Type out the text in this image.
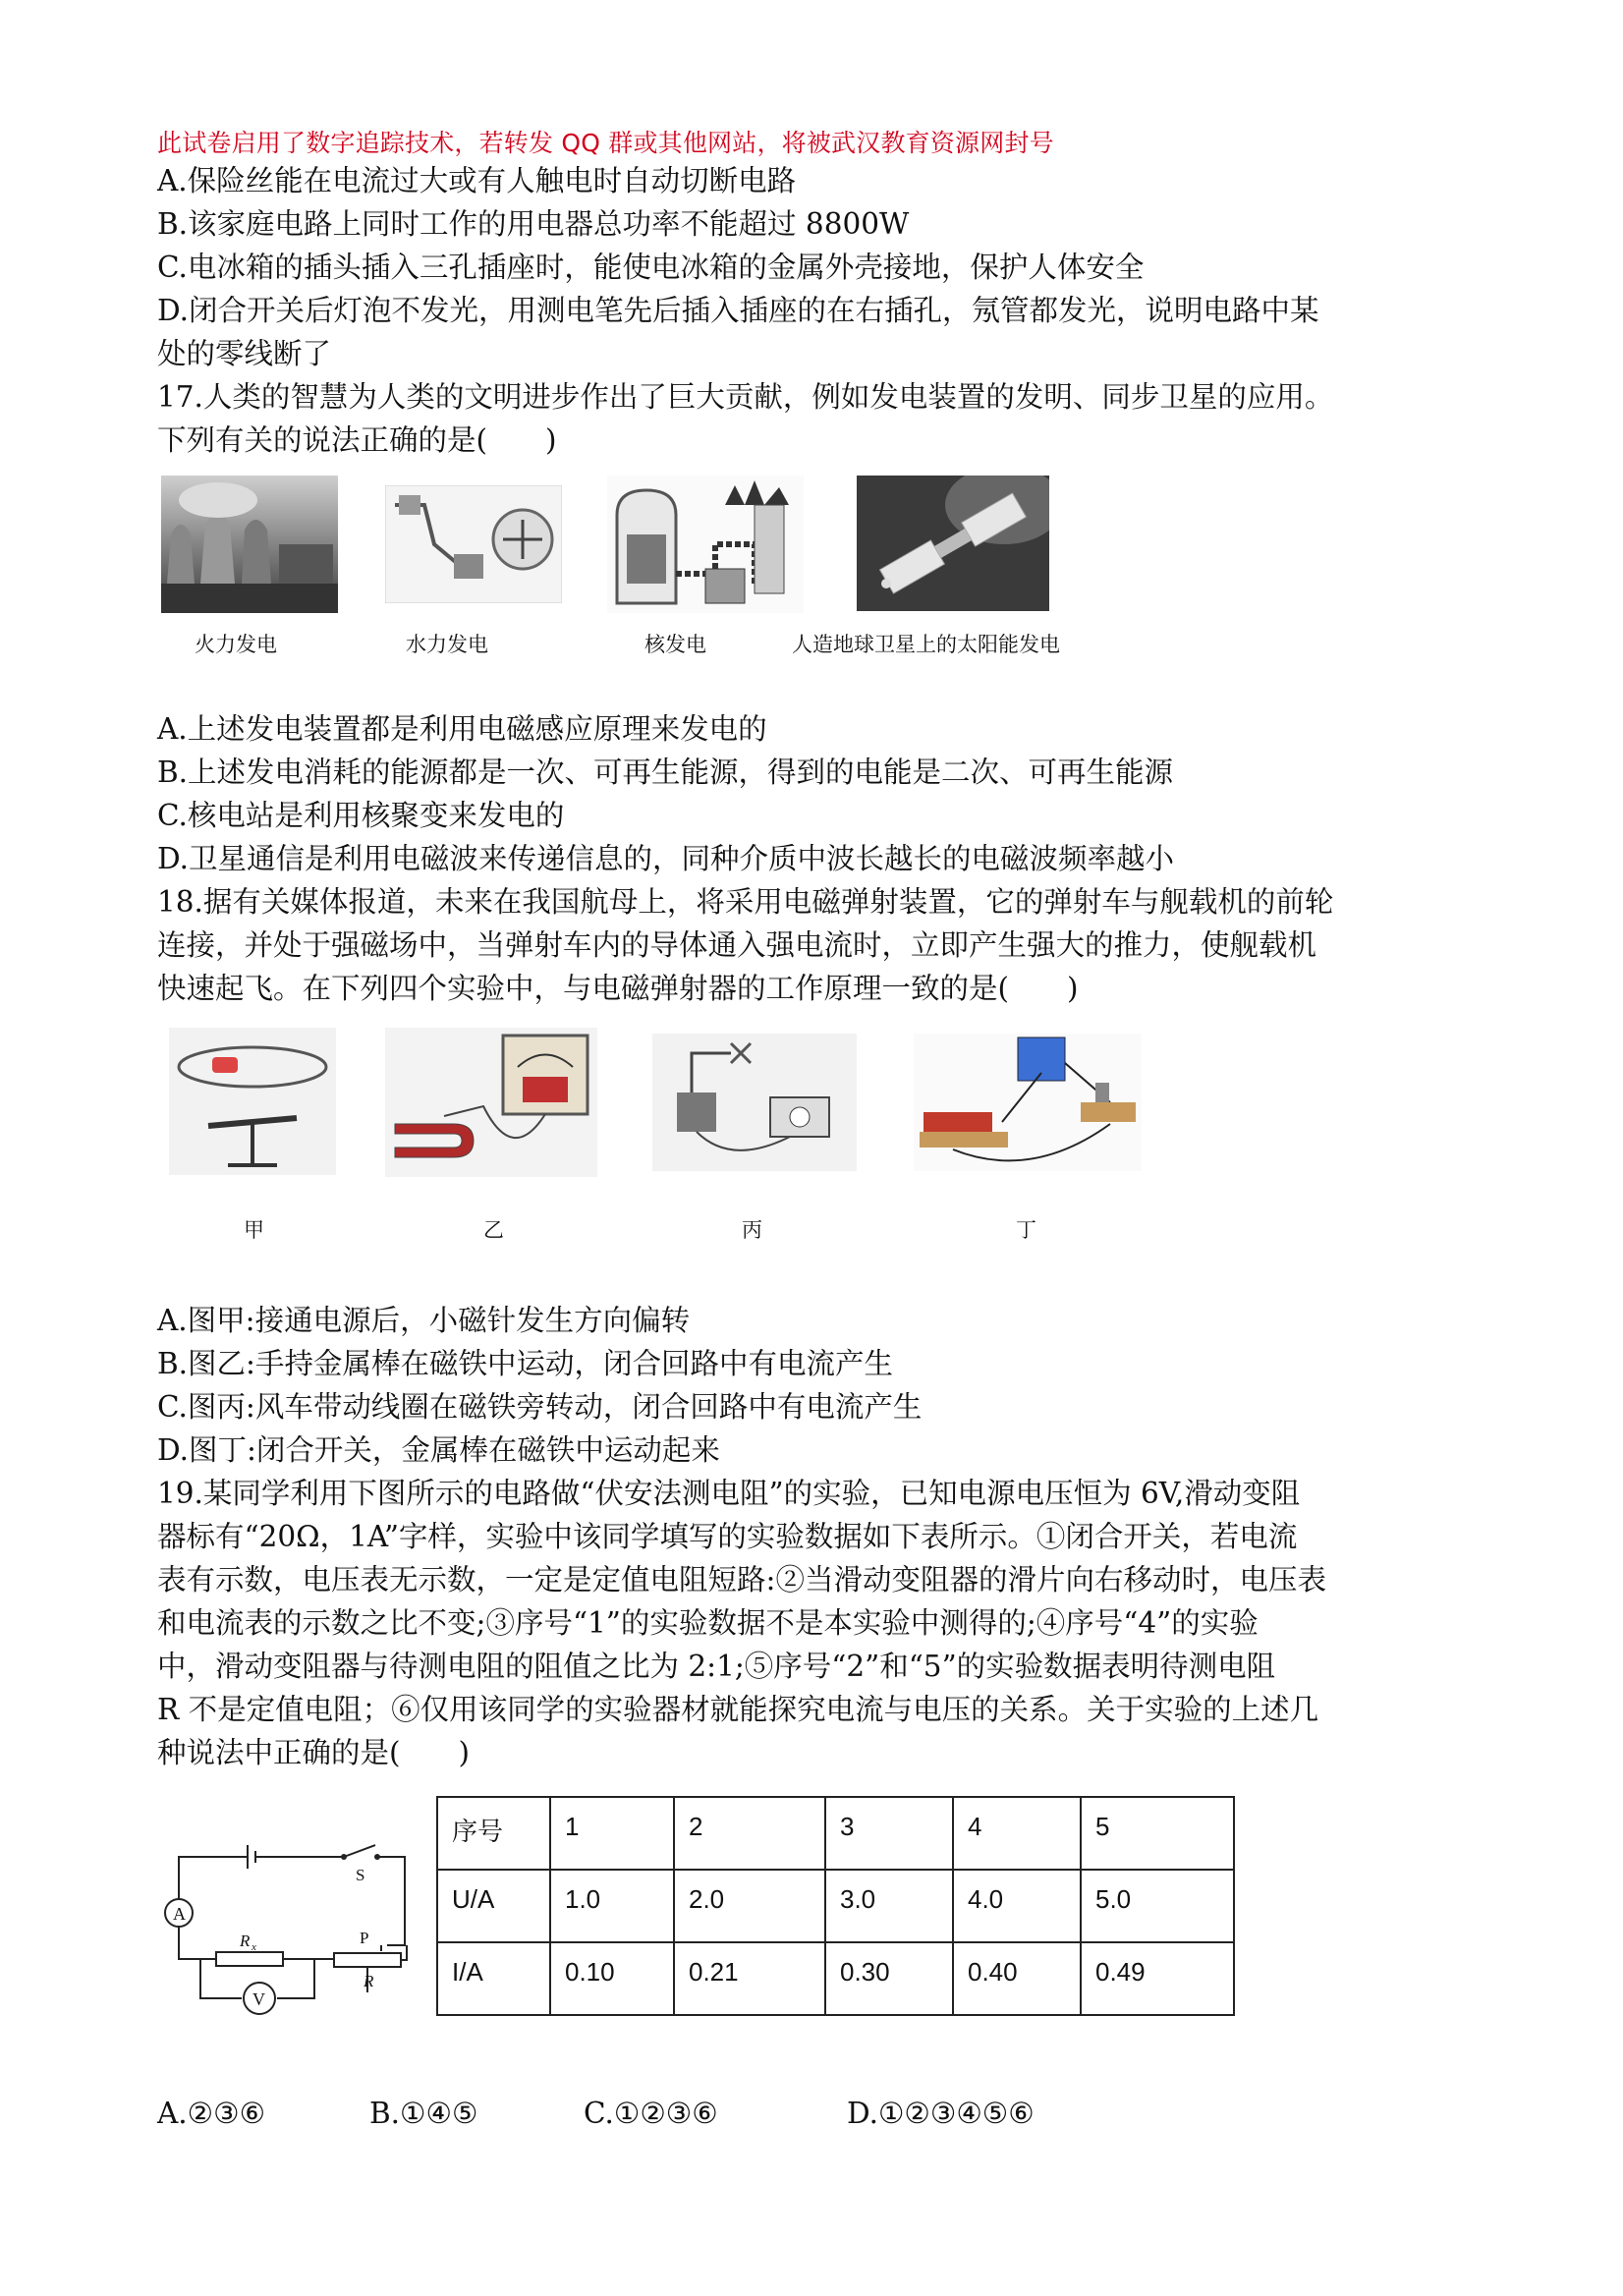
此试卷启用了数字追踪技术，若转发 QQ 群或其他网站，将被武汉教育资源网封号
A.保险丝能在电流过大或有人触电时自动切断电路
B.该家庭电路上同时工作的用电器总功率不能超过 8800W
C.电冰箱的插头插入三孔插座时，能使电冰箱的金属外壳接地，保护人体安全
D.闭合开关后灯泡不发光，用测电笔先后插入插座的在右插孔，氖管都发光，说明电路中某
处的零线断了
17.人类的智慧为人类的文明进步作出了巨大贡献，例如发电装置的发明、同步卫星的应用。
下列有关的说法正确的是(　　)
火力发电	水力发电	核发电	人造地球卫星上的太阳能发电
A.上述发电装置都是利用电磁感应原理来发电的
B.上述发电消耗的能源都是一次、可再生能源，得到的电能是二次、可再生能源
C.核电站是利用核聚变来发电的
D.卫星通信是利用电磁波来传递信息的，同种介质中波长越长的电磁波频率越小
18.据有关媒体报道，未来在我国航母上，将采用电磁弹射装置，它的弹射车与舰载机的前轮
连接，并处于强磁场中，当弹射车内的导体通入强电流时，立即产生强大的推力，使舰载机
快速起飞。在下列四个实验中，与电磁弹射器的工作原理一致的是(　　)
甲	乙	丙	丁
A.图甲:接通电源后，小磁针发生方向偏转
B.图乙:手持金属棒在磁铁中运动，闭合回路中有电流产生
C.图丙:风车带动线圈在磁铁旁转动，闭合回路中有电流产生
D.图丁:闭合开关，金属棒在磁铁中运动起来
19.某同学利用下图所示的电路做“伏安法测电阻”的实验，已知电源电压恒为 6V,滑动变阻
器标有“20Ω，1A”字样，实验中该同学填写的实验数据如下表所示。①闭合开关，若电流
表有示数，电压表无示数，一定是定值电阻短路:②当滑动变阻器的滑片向右移动时，电压表
和电流表的示数之比不变;③序号“1”的实验数据不是本实验中测得的;④序号“4”的实验
中，滑动变阻器与待测电阻的阻值之比为 2:1;⑤序号“2”和“5”的实验数据表明待测电阻
R 不是定值电阻；⑥仅用该同学的实验器材就能探究电流与电压的关系。关于实验的上述几
种说法中正确的是(　　)
A
V
S
R x	P
R
序号	1	2	3	4	5
U/A	1.0	2.0	3.0	4.0	5.0
I/A	0.10	0.21	0.30	0.40	0.49
A.②③⑥	B.①④⑤	C.①②③⑥	D.①②③④⑤⑥
